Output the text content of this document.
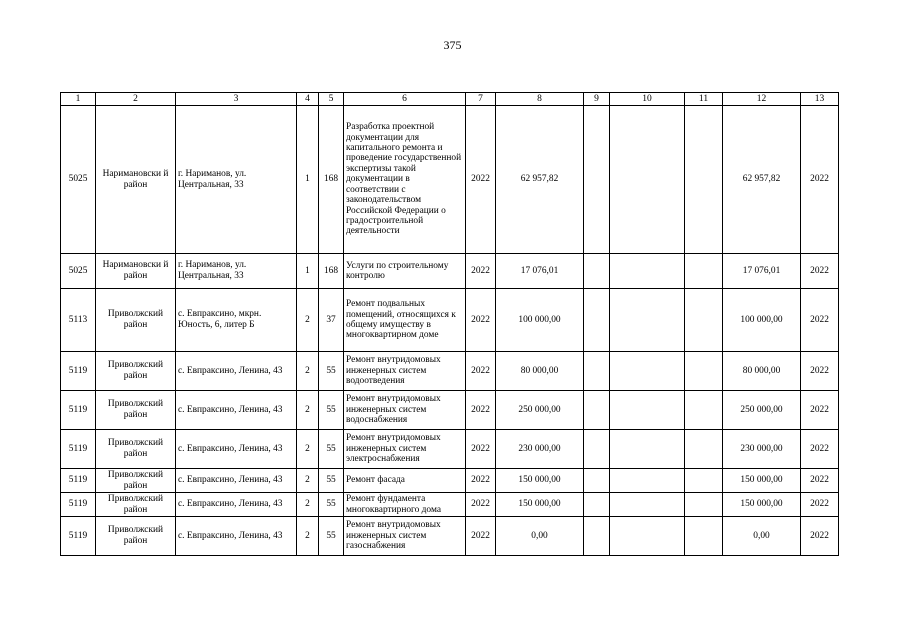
375
1	2	3	4	5	6	7	8	9	10	11	12	13
5025	Наримановски й район	г. Нариманов, ул. Центральная, 33	1	168	Разработка проектной документации для капитального ремонта и проведение государственной экспертизы такой документации в соответствии с законодательством Российской Федерации о градостроительной деятельности	2022	62 957,82				62 957,82	2022
5025	Наримановски й район	г. Нариманов, ул. Центральная, 33	1	168	Услуги по строительному контролю	2022	17 076,01				17 076,01	2022
5113	Приволжский район	с. Евпраксино, мкрн. Юность, 6, литер Б	2	37	Ремонт подвальных помещений, относящихся к общему имуществу в многоквартирном доме	2022	100 000,00				100 000,00	2022
5119	Приволжский район	с. Евпраксино, Ленина, 43	2	55	Ремонт внутридомовых инженерных систем водоотведения	2022	80 000,00				80 000,00	2022
5119	Приволжский район	с. Евпраксино, Ленина, 43	2	55	Ремонт внутридомовых инженерных систем водоснабжения	2022	250 000,00				250 000,00	2022
5119	Приволжский район	с. Евпраксино, Ленина, 43	2	55	Ремонт внутридомовых инженерных систем электроснабжения	2022	230 000,00				230 000,00	2022
5119	Приволжский район	с. Евпраксино, Ленина, 43	2	55	Ремонт фасада	2022	150 000,00				150 000,00	2022
5119	Приволжский район	с. Евпраксино, Ленина, 43	2	55	Ремонт фундамента многоквартирного дома	2022	150 000,00				150 000,00	2022
5119	Приволжский район	с. Евпраксино, Ленина, 43	2	55	Ремонт внутридомовых инженерных систем газоснабжения	2022	0,00				0,00	2022
